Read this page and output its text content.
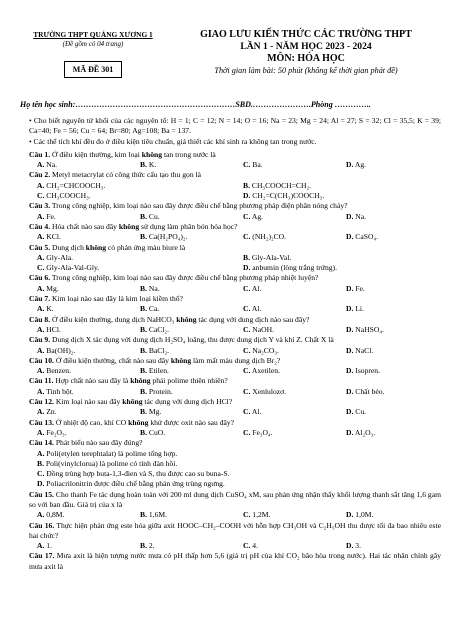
TRƯỜNG THPT QUẢNG XƯƠNG 1
(Đề gồm có 04 trang)
MÃ ĐỀ 301
GIAO LƯU KIẾN THỨC CÁC TRƯỜNG THPT
LẦN 1 - NĂM HỌC 2023 - 2024
MÔN: HÓA HỌC
Thời gian làm bài: 50 phút (không kể thời gian phát đề)
Họ tên học sinh:……………………………………………………SBD.………………….Phòng …………..
• Cho biết nguyên tử khối của các nguyên tố: H = 1; C = 12; N = 14; O = 16; Na = 23; Mg = 24; Al = 27; S = 32; Cl = 35,5; K = 39; Ca=40; Fe = 56; Cu = 64; Br=80; Ag=108; Ba = 137.
• Các thể tích khí đều đo ở điều kiện tiêu chuẩn, giả thiết các khí sinh ra không tan trong nước.
Câu 1. Ở điều kiện thường, kim loại không tan trong nước là
A. Na.	B. K.	C. Ba.	D. Ag.
Câu 2. Metyl metacrylat có công thức cấu tạo thu gọn là
A. CH₂=CHCOOCH₃.	B. CH₃COOCH=CH₂.
C. CH₃COOCH₃.	D. CH₂=C(CH₃)COOCH₃.
Câu 3. Trong công nghiệp, kim loại nào sau đây được điều chế bằng phương pháp điện phân nóng chảy?
A. Fe.	B. Cu.	C. Ag.	D. Na.
Câu 4. Hóa chất nào sau đây không sử dụng làm phân bón hóa học?
A. KCl.	B. Ca(H₂PO₄)₂.	C. (NH₂)₂CO.	D. CaSO₄.
Câu 5. Dung dịch không có phản ứng màu biure là
A. Gly-Ala.	B. Gly-Ala-Val.
C. Gly-Ala-Val-Gly.	D. anbumin (lòng trắng trứng).
Câu 6. Trong công nghiệp, kim loại nào sau đây được điều chế bằng phương pháp nhiệt luyện?
A. Mg.	B. Na.	C. Al.	D. Fe.
Câu 7. Kim loại nào sau đây là kim loại kiềm thổ?
A. K.	B. Ca.	C. Al.	D. Li.
Câu 8. Ở điều kiện thường, dung dịch NaHCO₃ không tác dụng với dung dịch nào sau đây?
A. HCl.	B. CaCl₂.	C. NaOH.	D. NaHSO₄.
Câu 9. Dung dịch X tác dụng với dung dịch H₂SO₄ loãng, thu được dung dịch Y và khí Z. Chất X là
A. Ba(OH)₂.	B. BaCl₂.	C. Na₂CO₃.	D. NaCl.
Câu 10. Ở điều kiện thường, chất nào sau đây không làm mất màu dung dịch Br₂?
A. Benzen.	B. Etilen.	C. Axetilen.	D. Isopren.
Câu 11. Hợp chất nào sau đây là không phải polime thiên nhiên?
A. Tinh bột.	B. Protein.	C. Xenlulozơ.	D. Chất béo.
Câu 12. Kim loại nào sau đây không tác dụng với dung dịch HCl?
A. Zn.	B. Mg.	C. Al.	D. Cu.
Câu 13. Ở nhiệt độ cao, khí CO không khử được oxit nào sau đây?
A. Fe₂O₃.	B. CuO.	C. Fe₃O₄.	D. Al₂O₃.
Câu 14. Phát biểu nào sau đây đúng?
A. Poli(etylen terephtalat) là polime tổng hợp.
B. Poli(vinylclorua) là polime có tính đàn hồi.
C. Đồng trùng hợp buta-1,3-đien và S, thu được cao su buna-S.
D. Poliacrilonitrin được điều chế bằng phản ứng trùng ngưng.
Câu 15. Cho thanh Fe tác dụng hoàn toàn với 200 ml dung dịch CuSO₄ xM, sau phản ứng nhận thấy khối lượng thanh sắt tăng 1,6 gam so với ban đầu. Giá trị của x là
A. 0,8M.	B. 1,6M.	C. 1,2M.	D. 1,0M.
Câu 16. Thực hiện phản ứng este hóa giữa axit HOOC–CH₂–COOH với hỗn hợp CH₃OH và C₂H₅OH thu được tối đa bao nhiêu este hai chức?
A. 1.	B. 2.	C. 4.	D. 3.
Câu 17. Mưa axit là hiện tượng nước mưa có pH thấp hơn 5,6 (giá trị pH của khí CO₂ bão hòa trong nước). Hai tác nhân chính gây mưa axit là
